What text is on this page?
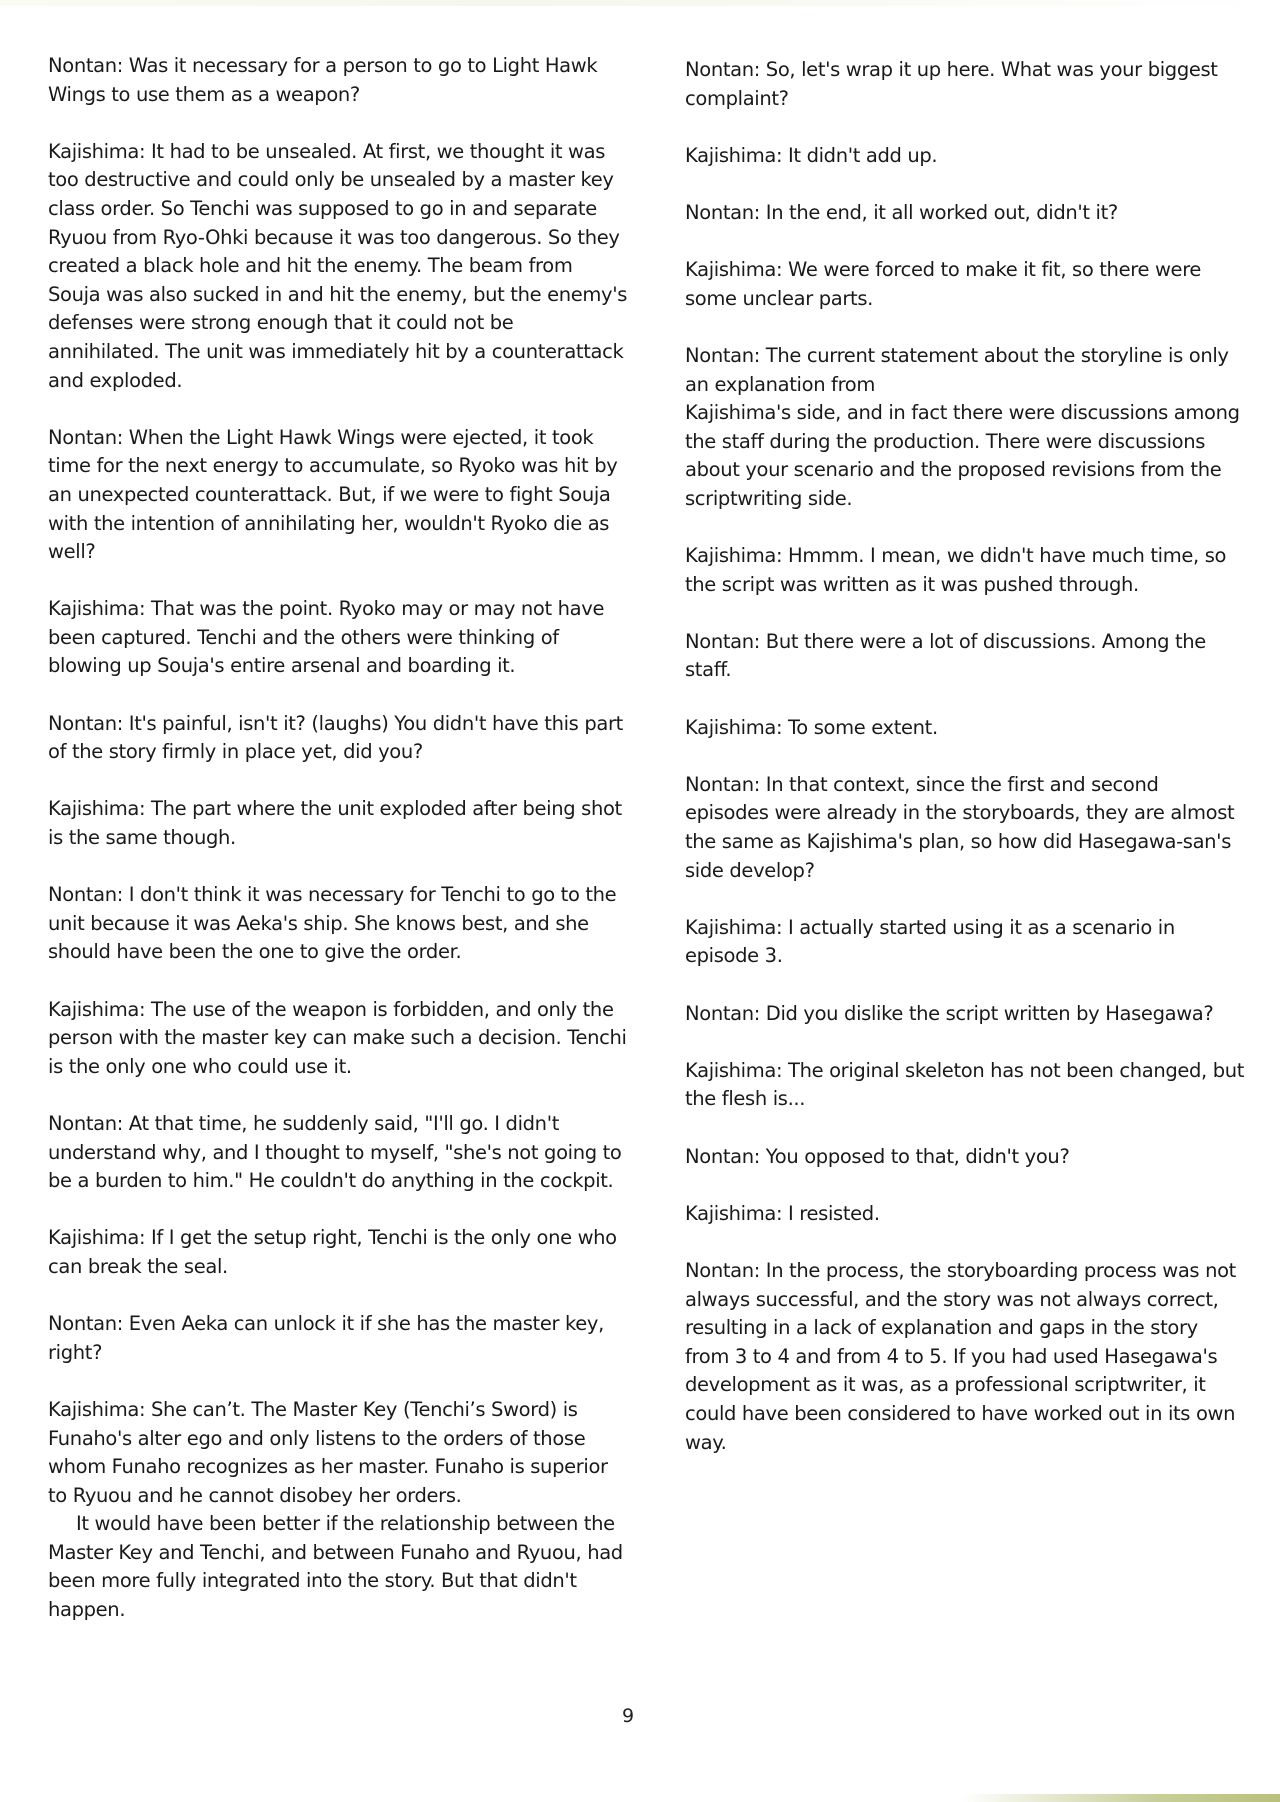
Nontan: Was it necessary for a person to go to Light Hawk Wings to use them as a weapon?

Kajishima: It had to be unsealed. At first, we thought it was too destructive and could only be unsealed by a master key class order. So Tenchi was supposed to go in and separate Ryuou from Ryo-Ohki because it was too dangerous. So they created a black hole and hit the enemy. The beam from Souja was also sucked in and hit the enemy, but the enemy's defenses were strong enough that it could not be annihilated. The unit was immediately hit by a counterattack and exploded.

Nontan: When the Light Hawk Wings were ejected, it took time for the next energy to accumulate, so Ryoko was hit by an unexpected counterattack. But, if we were to fight Souja with the intention of annihilating her, wouldn't Ryoko die as well?

Kajishima: That was the point. Ryoko may or may not have been captured. Tenchi and the others were thinking of blowing up Souja's entire arsenal and boarding it.

Nontan: It's painful, isn't it? (laughs) You didn't have this part of the story firmly in place yet, did you?

Kajishima: The part where the unit exploded after being shot is the same though.

Nontan: I don't think it was necessary for Tenchi to go to the unit because it was Aeka's ship. She knows best, and she should have been the one to give the order.

Kajishima: The use of the weapon is forbidden, and only the person with the master key can make such a decision. Tenchi is the only one who could use it.

Nontan: At that time, he suddenly said, "I'll go. I didn't understand why, and I thought to myself, "she's not going to be a burden to him." He couldn't do anything in the cockpit.

Kajishima: If I get the setup right, Tenchi is the only one who can break the seal.

Nontan: Even Aeka can unlock it if she has the master key, right?

Kajishima: She can’t. The Master Key (Tenchi’s Sword) is Funaho's alter ego and only listens to the orders of those whom Funaho recognizes as her master. Funaho is superior to Ryuou and he cannot disobey her orders.

It would have been better if the relationship between the Master Key and Tenchi, and between Funaho and Ryuou, had been more fully integrated into the story. But that didn't happen.

Nontan: So, let's wrap it up here. What was your biggest complaint?

Kajishima: It didn't add up.

Nontan: In the end, it all worked out, didn't it?

Kajishima: We were forced to make it fit, so there were some unclear parts.

Nontan: The current statement about the storyline is only an explanation from

Kajishima's side, and in fact there were discussions among the staff during the production. There were discussions about your scenario and the proposed revisions from the scriptwriting side.

Kajishima: Hmmm. I mean, we didn't have much time, so the script was written as it was pushed through.

Nontan: But there were a lot of discussions. Among the staff.

Kajishima: To some extent.

Nontan: In that context, since the first and second episodes were already in the storyboards, they are almost the same as Kajishima's plan, so how did Hasegawa-san's side develop?

Kajishima: I actually started using it as a scenario in episode 3.

Nontan: Did you dislike the script written by Hasegawa?

Kajishima: The original skeleton has not been changed, but the flesh is...

Nontan: You opposed to that, didn't you?

Kajishima: I resisted.

Nontan: In the process, the storyboarding process was not always successful, and the story was not always correct, resulting in a lack of explanation and gaps in the story from 3 to 4 and from 4 to 5. If you had used Hasegawa's development as it was, as a professional scriptwriter, it could have been considered to have worked out in its own way.

9
